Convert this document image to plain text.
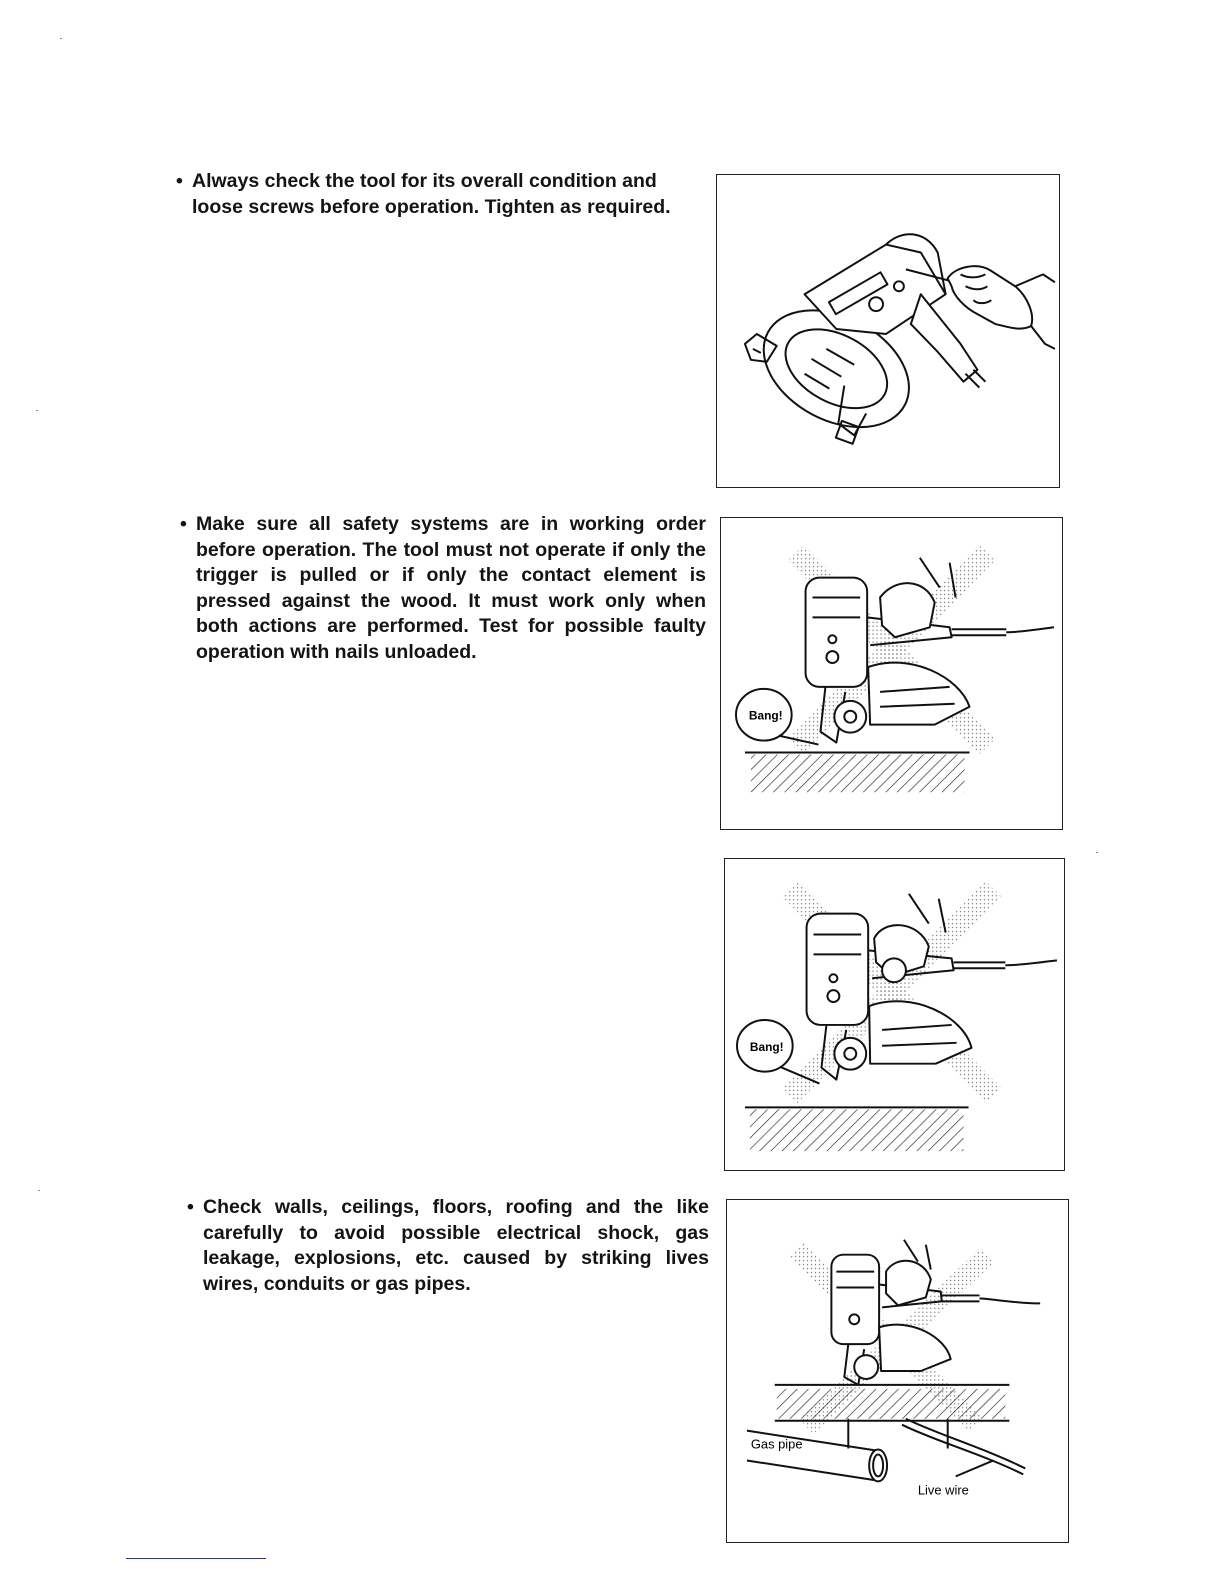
• Always check the tool for its overall condition and loose screws before operation. Tighten as required.

• Make sure all safety systems are in working order before operation. The tool must not operate if only the trigger is pulled or if only the contact element is pressed against the wood. It must work only when both actions are performed. Test for possible faulty operation with nails unloaded.

• Check walls, ceilings, floors, roofing and the like carefully to avoid possible electrical shock, gas leakage, explosions, etc. caused by striking lives wires, conduits or gas pipes.

Bang!
Bang!
Gas pipe
Live wire
